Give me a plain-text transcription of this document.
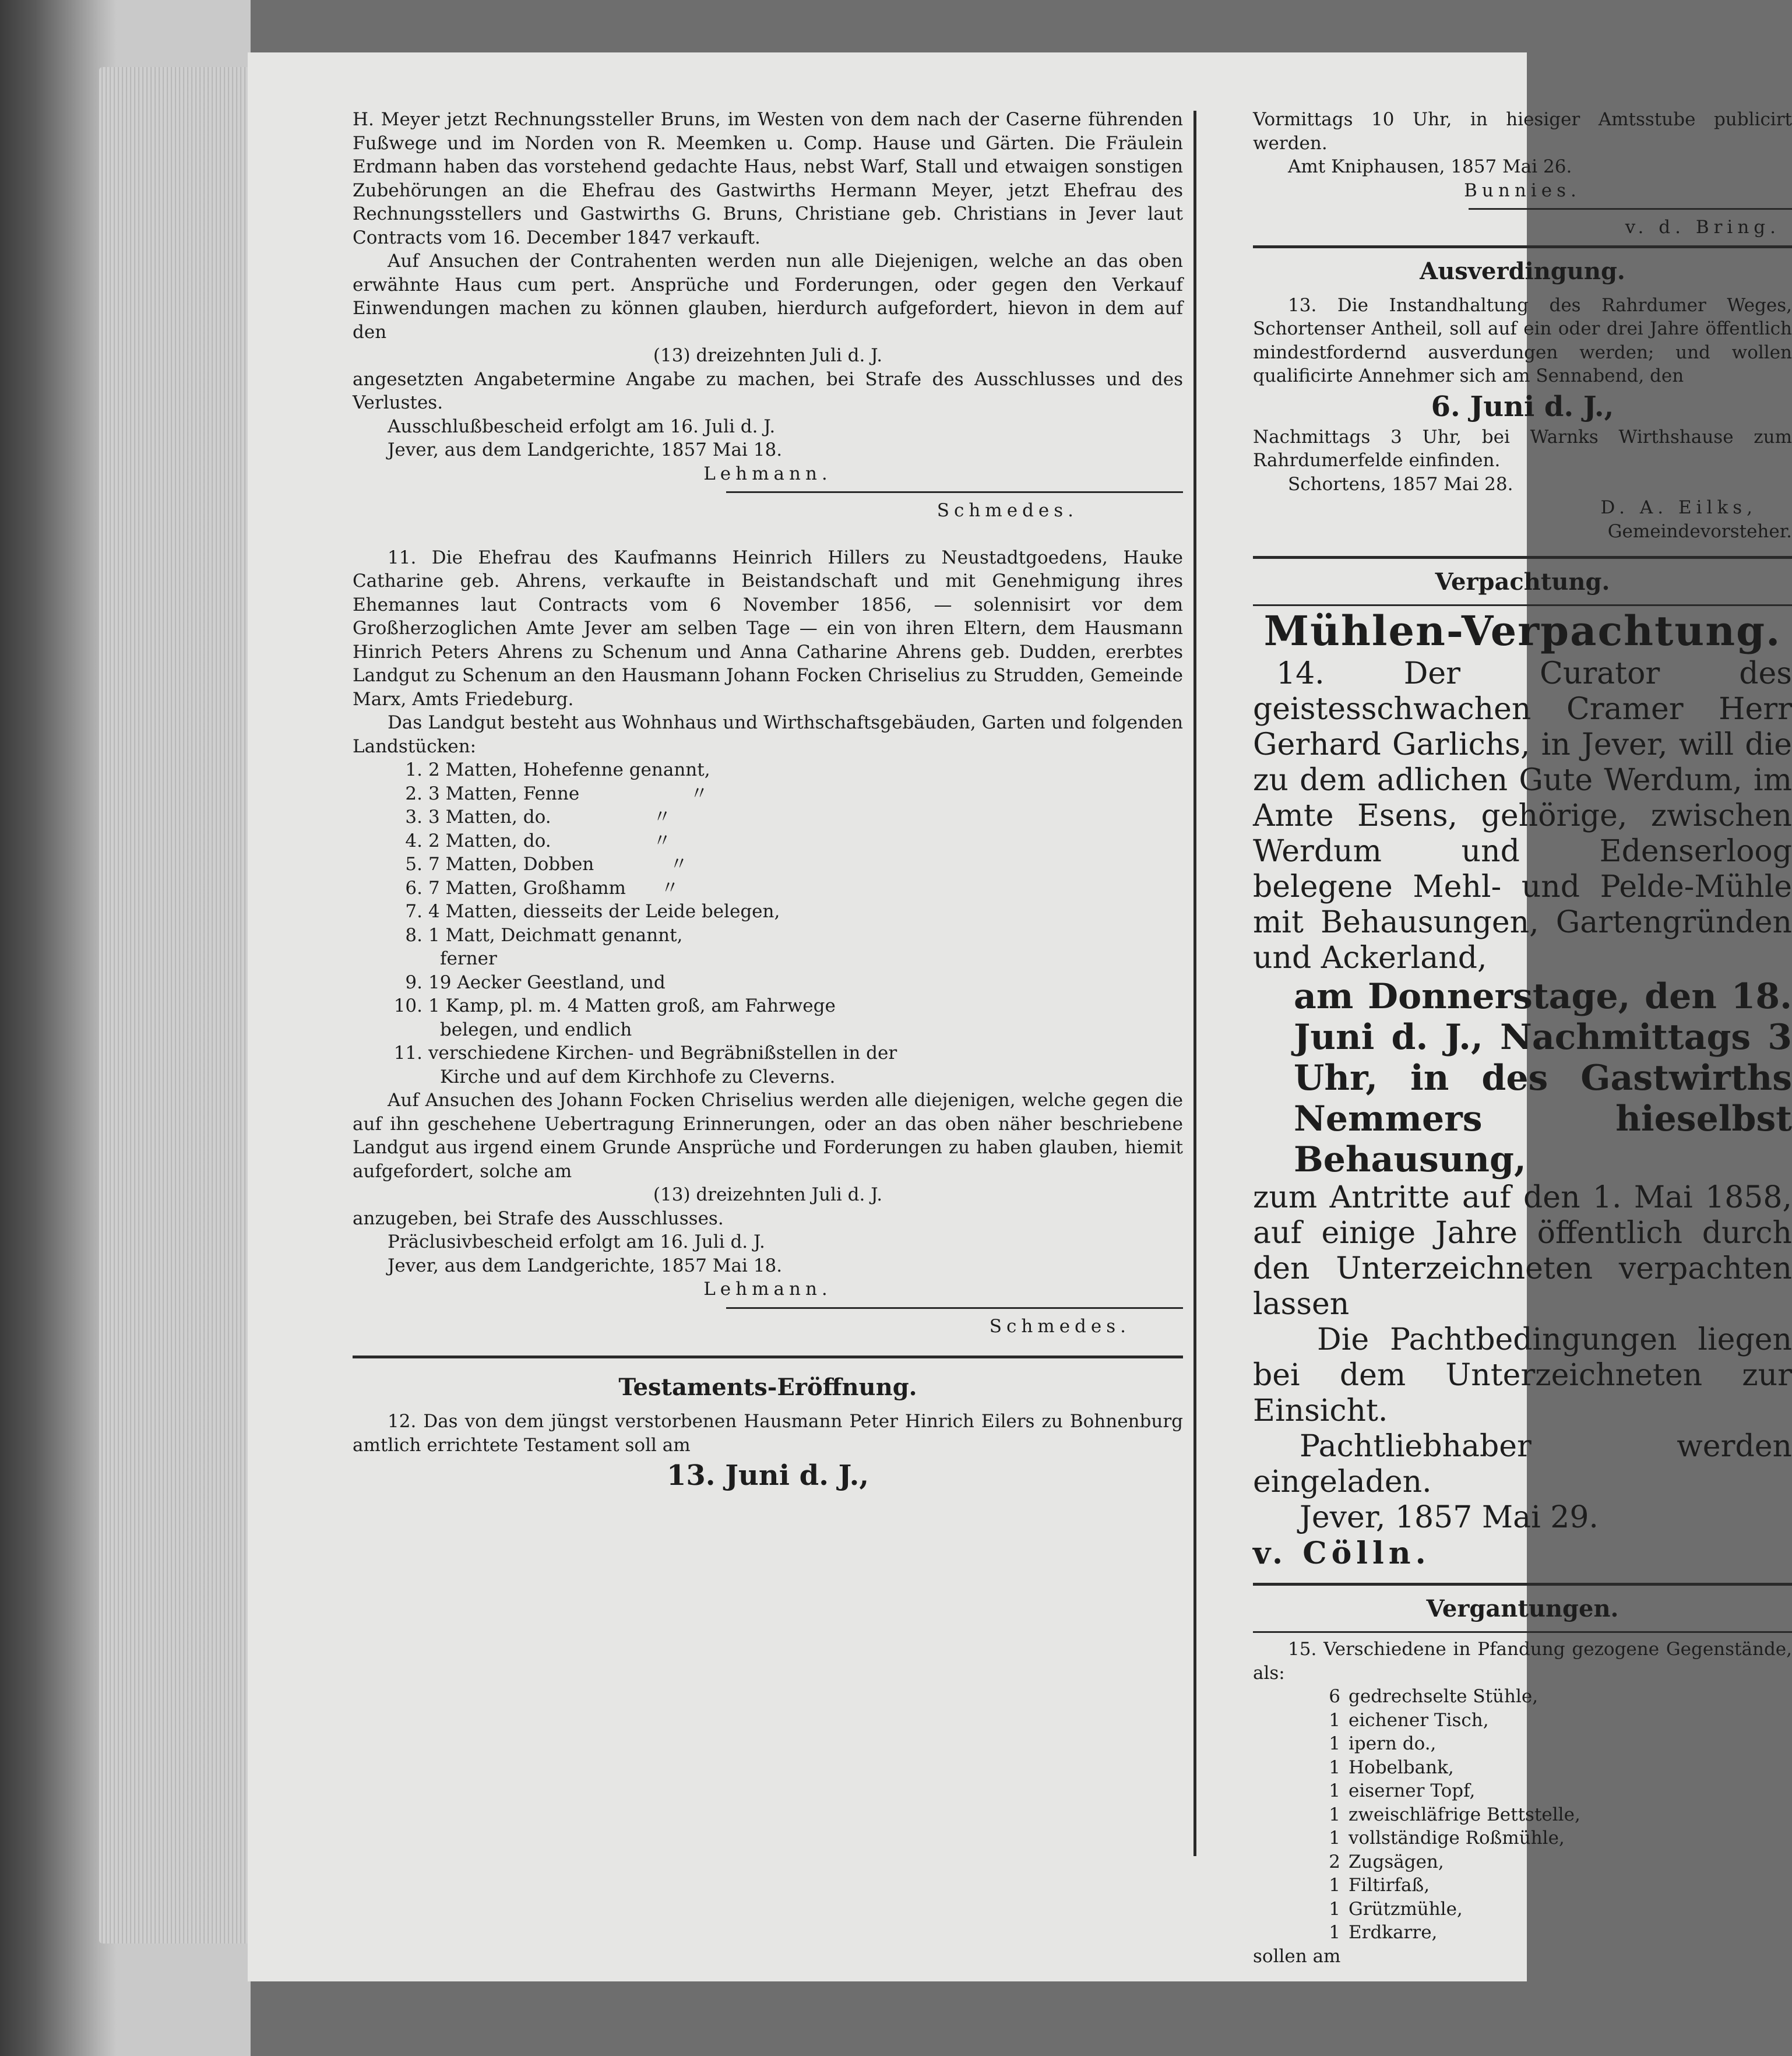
H. Meyer jetzt Rechnungssteller Bruns, im Westen von dem nach der Caserne führenden Fußwege und im Norden von R. Meemken u. Comp. Hause und Gärten. Die Fräulein Erdmann haben das vorstehend gedachte Haus, nebst Warf, Stall und etwaigen sonstigen Zubehörungen an die Ehefrau des Gastwirths Hermann Meyer, jetzt Ehefrau des Rechnungsstellers und Gastwirths G. Bruns, Christiane geb. Christians in Jever laut Contracts vom 16. December 1847 verkauft.

Auf Ansuchen der Contrahenten werden nun alle Diejenigen, welche an das oben erwähnte Haus cum pert. Ansprüche und Forderungen, oder gegen den Verkauf Einwendungen machen zu können glauben, hierdurch aufgefordert, hievon in dem auf den

(13) dreizehnten Juli d. J.

angesetzten Angabetermine Angabe zu machen, bei Strafe des Ausschlusses und des Verlustes.

Ausschlußbescheid erfolgt am 16. Juli d. J.

Jever, aus dem Landgerichte, 1857 Mai 18.

Lehmann.

Schmedes.

11. Die Ehefrau des Kaufmanns Heinrich Hillers zu Neustadtgoedens, Hauke Catharine geb. Ahrens, verkaufte in Beistandschaft und mit Genehmigung ihres Ehemannes laut Contracts vom 6 November 1856, — solennisirt vor dem Großherzoglichen Amte Jever am selben Tage — ein von ihren Eltern, dem Hausmann Hinrich Peters Ahrens zu Schenum und Anna Catharine Ahrens geb. Dudden, ererbtes Landgut zu Schenum an den Hausmann Johann Focken Chriselius zu Strudden, Gemeinde Marx, Amts Friedeburg.

Das Landgut besteht aus Wohnhaus und Wirthschaftsgebäuden, Garten und folgenden Landstücken:

1. 2 Matten, Hohefenne genannt,
2. 3 Matten, Fenne	〃
3. 3 Matten, do.	〃
4. 2 Matten, do.	〃
5. 7 Matten, Dobben	〃
6. 7 Matten, Großhamm 〃
7. 4 Matten, diesseits der Leide belegen,
8. 1 Matt, Deichmatt genannt,
ferner
9. 19 Aecker Geestland, und
10. 1 Kamp, pl. m. 4 Matten groß, am Fahrwege
belegen, und endlich
11. verschiedene Kirchen- und Begräbnißstellen in der
Kirche und auf dem Kirchhofe zu Cleverns.

Auf Ansuchen des Johann Focken Chriselius werden alle diejenigen, welche gegen die auf ihn geschehene Uebertragung Erinnerungen, oder an das oben näher beschriebene Landgut aus irgend einem Grunde Ansprüche und Forderungen zu haben glauben, hiemit aufgefordert, solche am

(13) dreizehnten Juli d. J.

anzugeben, bei Strafe des Ausschlusses.

Präclusivbescheid erfolgt am 16. Juli d. J.

Jever, aus dem Landgerichte, 1857 Mai 18.

Lehmann.

Schmedes.

Testaments-Eröffnung.

12. Das von dem jüngst verstorbenen Hausmann Peter Hinrich Eilers zu Bohnenburg amtlich errichtete Testament soll am

13. Juni d. J.,

Vormittags 10 Uhr, in hiesiger Amtsstube publicirt werden.

Amt Kniphausen, 1857 Mai 26.

Bunnies.

v. d. Bring.

Ausverdingung.

13. Die Instandhaltung des Rahrdumer Weges, Schortenser Antheil, soll auf ein oder drei Jahre öffentlich mindestfordernd ausverdungen werden; und wollen qualificirte Annehmer sich am Sennabend, den

6. Juni d. J.,

Nachmittags 3 Uhr, bei Warnks Wirthshause zum Rahrdumerfelde einfinden.

Schortens, 1857 Mai 28.

D. A. Eilks,

Gemeindevorsteher.

Verpachtung.

Mühlen-Verpachtung.

14. Der Curator des geistesschwachen Cramer Herr Gerhard Garlichs, in Jever, will die zu dem adlichen Gute Werdum, im Amte Esens, gehörige, zwischen Werdum und Edenserloog belegene Mehl- und Pelde-Mühle mit Behausungen, Gartengründen und Ackerland,

am Donnerstage, den 18. Juni d. J., Nachmittags 3 Uhr, in des Gastwirths Nemmers hieselbst Behausung,

zum Antritte auf den 1. Mai 1858, auf einige Jahre öffentlich durch den Unterzeichneten verpachten lassen

Die Pachtbedingungen liegen bei dem Unterzeichneten zur Einsicht.

Pachtliebhaber werden eingeladen.

Jever, 1857 Mai 29.

v. Cölln.

Vergantungen.

15. Verschiedene in Pfandung gezogene Gegenstände, als:

6 gedrechselte Stühle,
1 eichener Tisch,
1 ipern do.,
1 Hobelbank,
1 eiserner Topf,
1 zweischläfrige Bettstelle,
1 vollständige Roßmühle,
2 Zugsägen,
1 Filtirfaß,
1 Grützmühle,
1 Erdkarre,

sollen am
